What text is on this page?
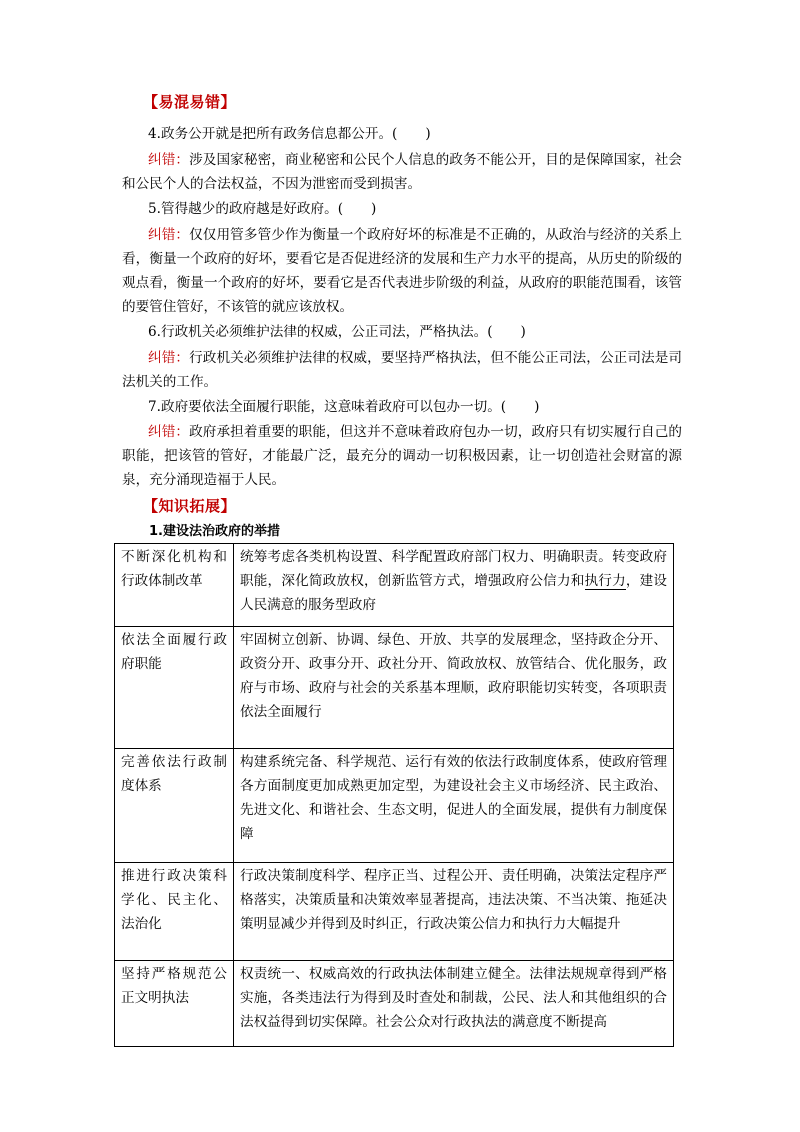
【易混易错】
4.政务公开就是把所有政务信息都公开。( )
纠错：涉及国家秘密，商业秘密和公民个人信息的政务不能公开，目的是保障国家，社会和公民个人的合法权益，不因为泄密而受到损害。
5.管得越少的政府越是好政府。( )
纠错：仅仅用管多管少作为衡量一个政府好坏的标准是不正确的，从政治与经济的关系上看，衡量一个政府的好坏，要看它是否促进经济的发展和生产力水平的提高，从历史的阶级的观点看，衡量一个政府的好坏，要看它是否代表进步阶级的利益，从政府的职能范围看，该管的要管住管好，不该管的就应该放权。
6.行政机关必须维护法律的权威，公正司法，严格执法。( )
纠错：行政机关必须维护法律的权威，要坚持严格执法，但不能公正司法，公正司法是司法机关的工作。
7.政府要依法全面履行职能，这意味着政府可以包办一切。( )
纠错：政府承担着重要的职能，但这并不意味着政府包办一切，政府只有切实履行自己的职能，把该管的管好，才能最广泛，最充分的调动一切积极因素，让一切创造社会财富的源泉，充分涌现造福于人民。
【知识拓展】
1.建设法治政府的举措
不断深化机构和行政体制改革	统筹考虑各类机构设置、科学配置政府部门权力、明确职责。转变政府职能，深化简政放权，创新监管方式，增强政府公信力和执行力，建设人民满意的服务型政府
依法全面履行政府职能	牢固树立创新、协调、绿色、开放、共享的发展理念，坚持政企分开、政资分开、政事分开、政社分开、简政放权、放管结合、优化服务，政府与市场、政府与社会的关系基本理顺，政府职能切实转变，各项职责依法全面履行
完善依法行政制度体系	构建系统完备、科学规范、运行有效的依法行政制度体系，使政府管理各方面制度更加成熟更加定型，为建设社会主义市场经济、民主政治、先进文化、和谐社会、生态文明，促进人的全面发展，提供有力制度保障
推进行政决策科学化、民主化、法治化	行政决策制度科学、程序正当、过程公开、责任明确，决策法定程序严格落实，决策质量和决策效率显著提高，违法决策、不当决策、拖延决策明显减少并得到及时纠正，行政决策公信力和执行力大幅提升
坚持严格规范公正文明执法	权责统一、权威高效的行政执法体制建立健全。法律法规规章得到严格实施，各类违法行为得到及时查处和制裁，公民、法人和其他组织的合法权益得到切实保障。社会公众对行政执法的满意度不断提高
